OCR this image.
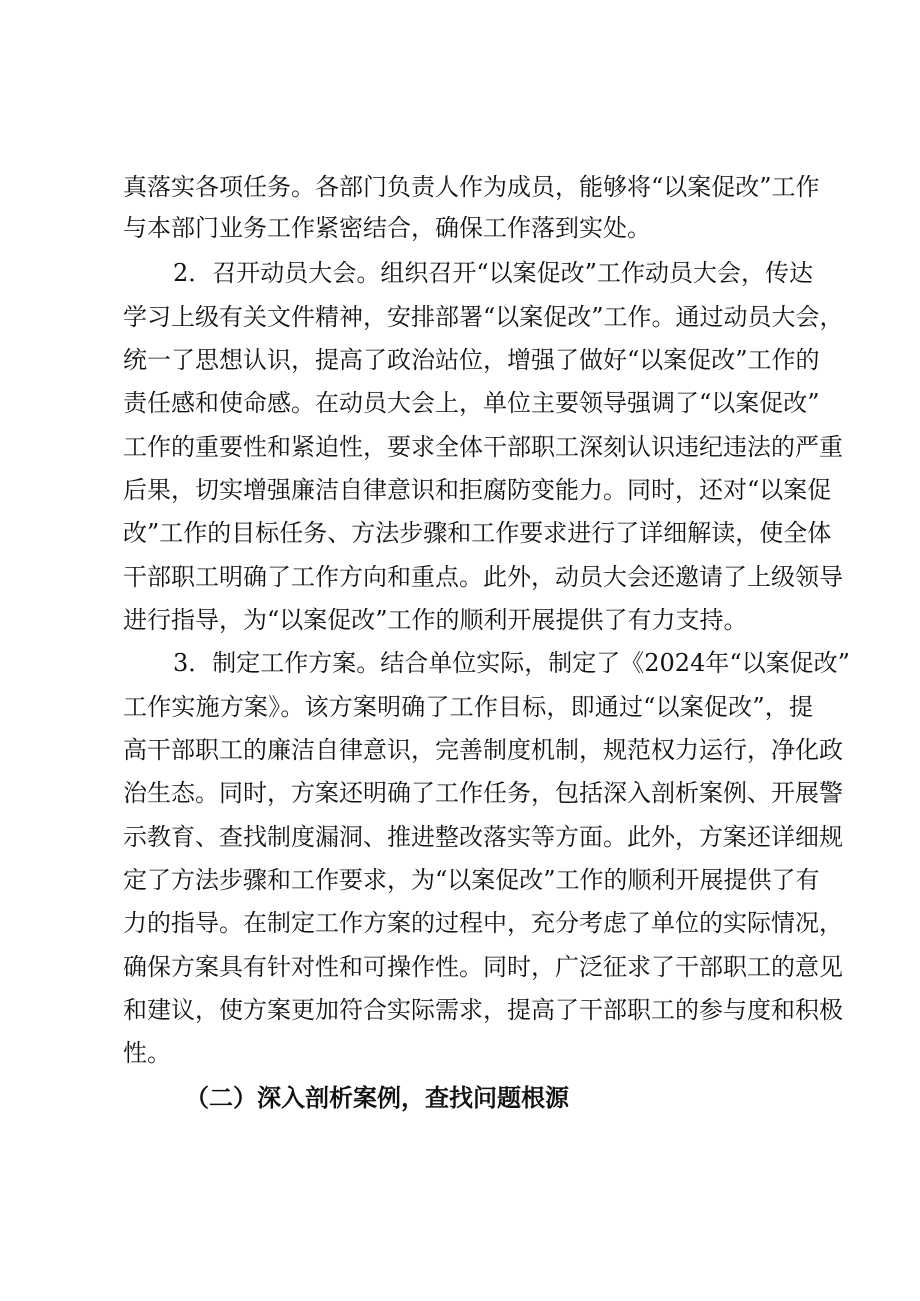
真落实各项任务。各部门负责人作为成员，能够将“以案促改”工作
与本部门业务工作紧密结合，确保工作落到实处。
2．召开动员大会。组织召开“以案促改”工作动员大会，传达
学习上级有关文件精神，安排部署“以案促改”工作。通过动员大会，
统一了思想认识，提高了政治站位，增强了做好“以案促改”工作的
责任感和使命感。在动员大会上，单位主要领导强调了“以案促改”
工作的重要性和紧迫性，要求全体干部职工深刻认识违纪违法的严重
后果，切实增强廉洁自律意识和拒腐防变能力。同时，还对“以案促
改”工作的目标任务、方法步骤和工作要求进行了详细解读，使全体
干部职工明确了工作方向和重点。此外，动员大会还邀请了上级领导
进行指导，为“以案促改”工作的顺利开展提供了有力支持。
3．制定工作方案。结合单位实际，制定了《2024年“以案促改”
工作实施方案》。该方案明确了工作目标，即通过“以案促改”，提
高干部职工的廉洁自律意识，完善制度机制，规范权力运行，净化政
治生态。同时，方案还明确了工作任务，包括深入剖析案例、开展警
示教育、查找制度漏洞、推进整改落实等方面。此外，方案还详细规
定了方法步骤和工作要求，为“以案促改”工作的顺利开展提供了有
力的指导。在制定工作方案的过程中，充分考虑了单位的实际情况，
确保方案具有针对性和可操作性。同时，广泛征求了干部职工的意见
和建议，使方案更加符合实际需求，提高了干部职工的参与度和积极
性。
（二）深入剖析案例，查找问题根源
